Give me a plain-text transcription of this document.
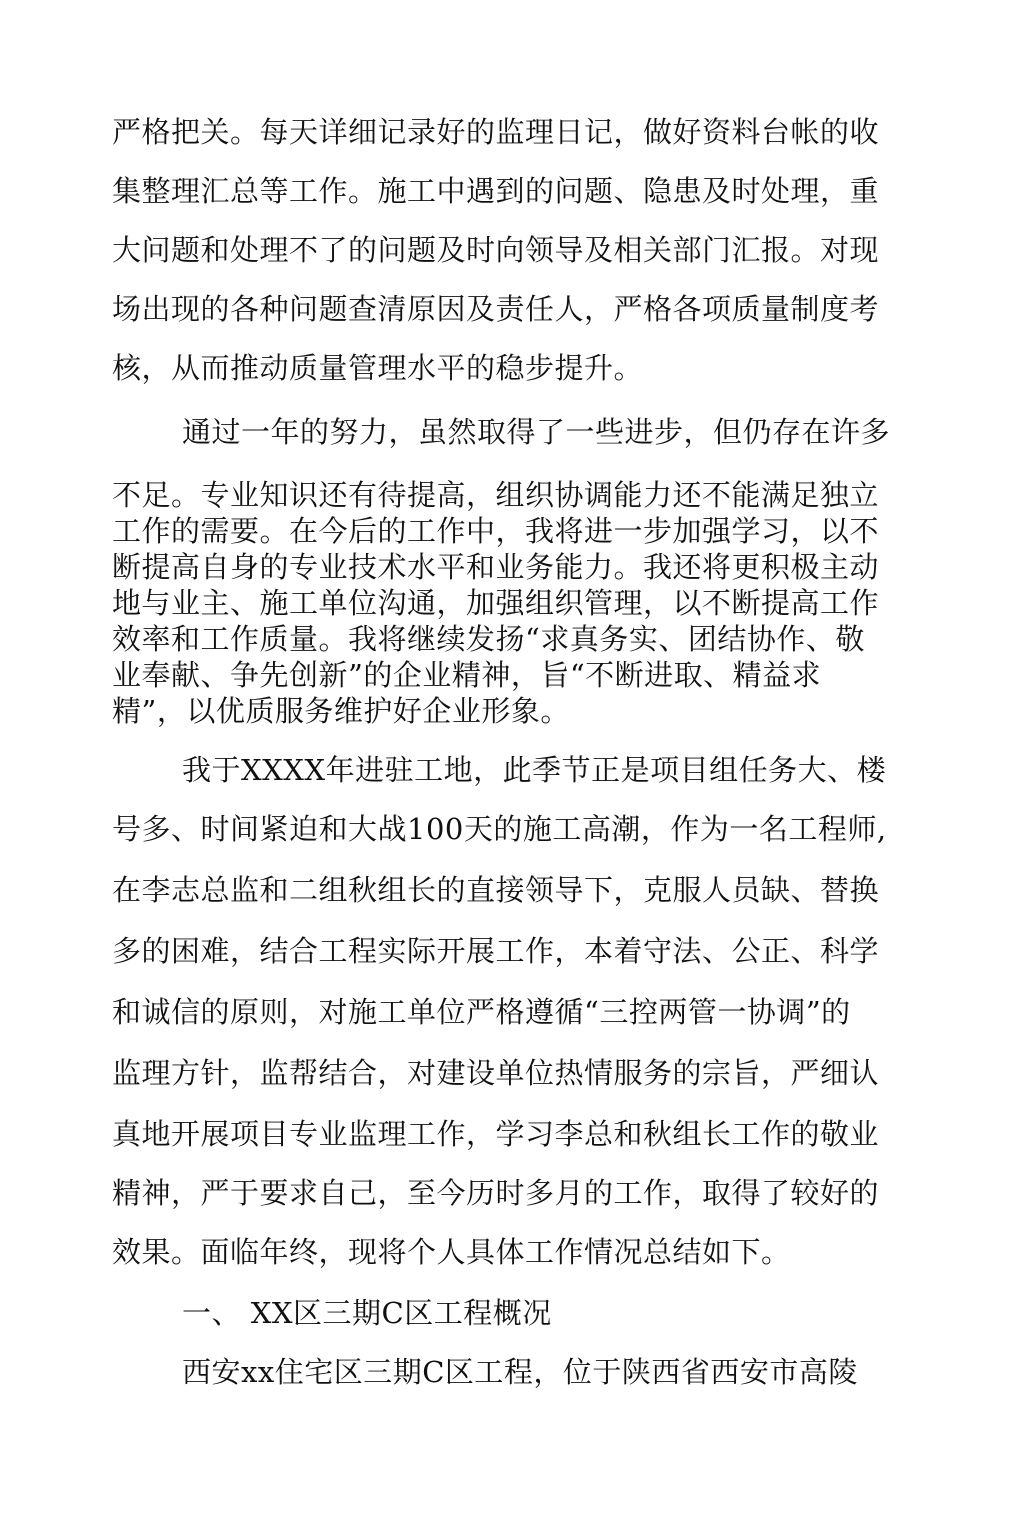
严格把关。每天详细记录好的监理日记，做好资料台帐的收
集整理汇总等工作。施工中遇到的问题、隐患及时处理，重
大问题和处理不了的问题及时向领导及相关部门汇报。对现
场出现的各种问题查清原因及责任人，严格各项质量制度考
核，从而推动质量管理水平的稳步提升。
通过一年的努力，虽然取得了一些进步，但仍存在许多
不足。专业知识还有待提高，组织协调能力还不能满足独立
工作的需要。在今后的工作中，我将进一步加强学习，以不
断提高自身的专业技术水平和业务能力。我还将更积极主动
地与业主、施工单位沟通，加强组织管理，以不断提高工作
效率和工作质量。我将继续发扬“求真务实、团结协作、敬
业奉献、争先创新”的企业精神，旨“不断进取、精益求
精”，以优质服务维护好企业形象。
我于XXXX年进驻工地，此季节正是项目组任务大、楼
号多、时间紧迫和大战100天的施工高潮，作为一名工程师,
在李志总监和二组秋组长的直接领导下，克服人员缺、替换
多的困难，结合工程实际开展工作，本着守法、公正、科学
和诚信的原则，对施工单位严格遵循“三控两管一协调”的
监理方针，监帮结合，对建设单位热情服务的宗旨，严细认
真地开展项目专业监理工作，学习李总和秋组长工作的敬业
精神，严于要求自己，至今历时多月的工作，取得了较好的
效果。面临年终，现将个人具体工作情况总结如下。
一、 XX区三期C区工程概况
西安xx住宅区三期C区工程，位于陕西省西安市高陵
